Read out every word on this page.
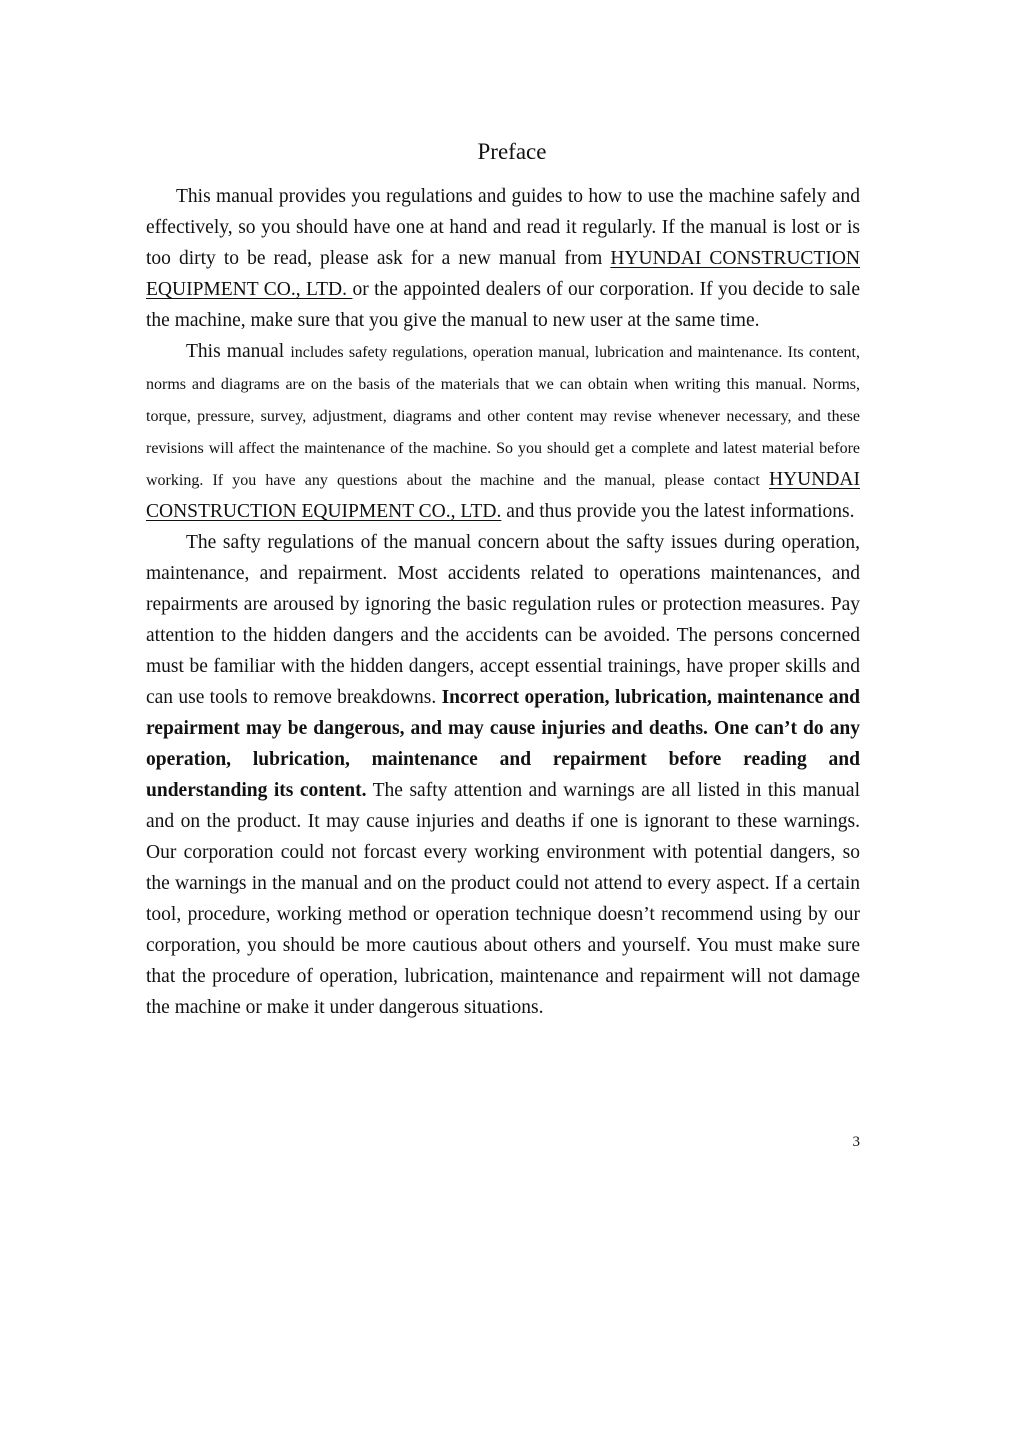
Preface

This manual provides you regulations and guides to how to use the machine safely and effectively, so you should have one at hand and read it regularly. If the manual is lost or is too dirty to be read, please ask for a new manual from HYUNDAI CONSTRUCTION EQUIPMENT CO., LTD. or the appointed dealers of our corporation. If you decide to sale the machine, make sure that you give the manual to new user at the same time.

This manual includes safety regulations, operation manual, lubrication and maintenance. Its content, norms and diagrams are on the basis of the materials that we can obtain when writing this manual. Norms, torque, pressure, survey, adjustment, diagrams and other content may revise whenever necessary, and these revisions will affect the maintenance of the machine. So you should get a complete and latest material before working. If you have any questions about the machine and the manual, please contact HYUNDAI CONSTRUCTION EQUIPMENT CO., LTD. and thus provide you the latest informations.

The safty regulations of the manual concern about the safty issues during operation, maintenance, and repairment. Most accidents related to operations maintenances, and repairments are aroused by ignoring the basic regulation rules or protection measures. Pay attention to the hidden dangers and the accidents can be avoided. The persons concerned must be familiar with the hidden dangers, accept essential trainings, have proper skills and can use tools to remove breakdowns. Incorrect operation, lubrication, maintenance and repairment may be dangerous, and may cause injuries and deaths. One can’t do any operation, lubrication, maintenance and repairment before reading and understanding its content. The safty attention and warnings are all listed in this manual and on the product. It may cause injuries and deaths if one is ignorant to these warnings. Our corporation could not forcast every working environment with potential dangers, so the warnings in the manual and on the product could not attend to every aspect. If a certain tool, procedure, working method or operation technique doesn’t recommend using by our corporation, you should be more cautious about others and yourself. You must make sure that the procedure of operation, lubrication, maintenance and repairment will not damage the machine or make it under dangerous situations.

3
